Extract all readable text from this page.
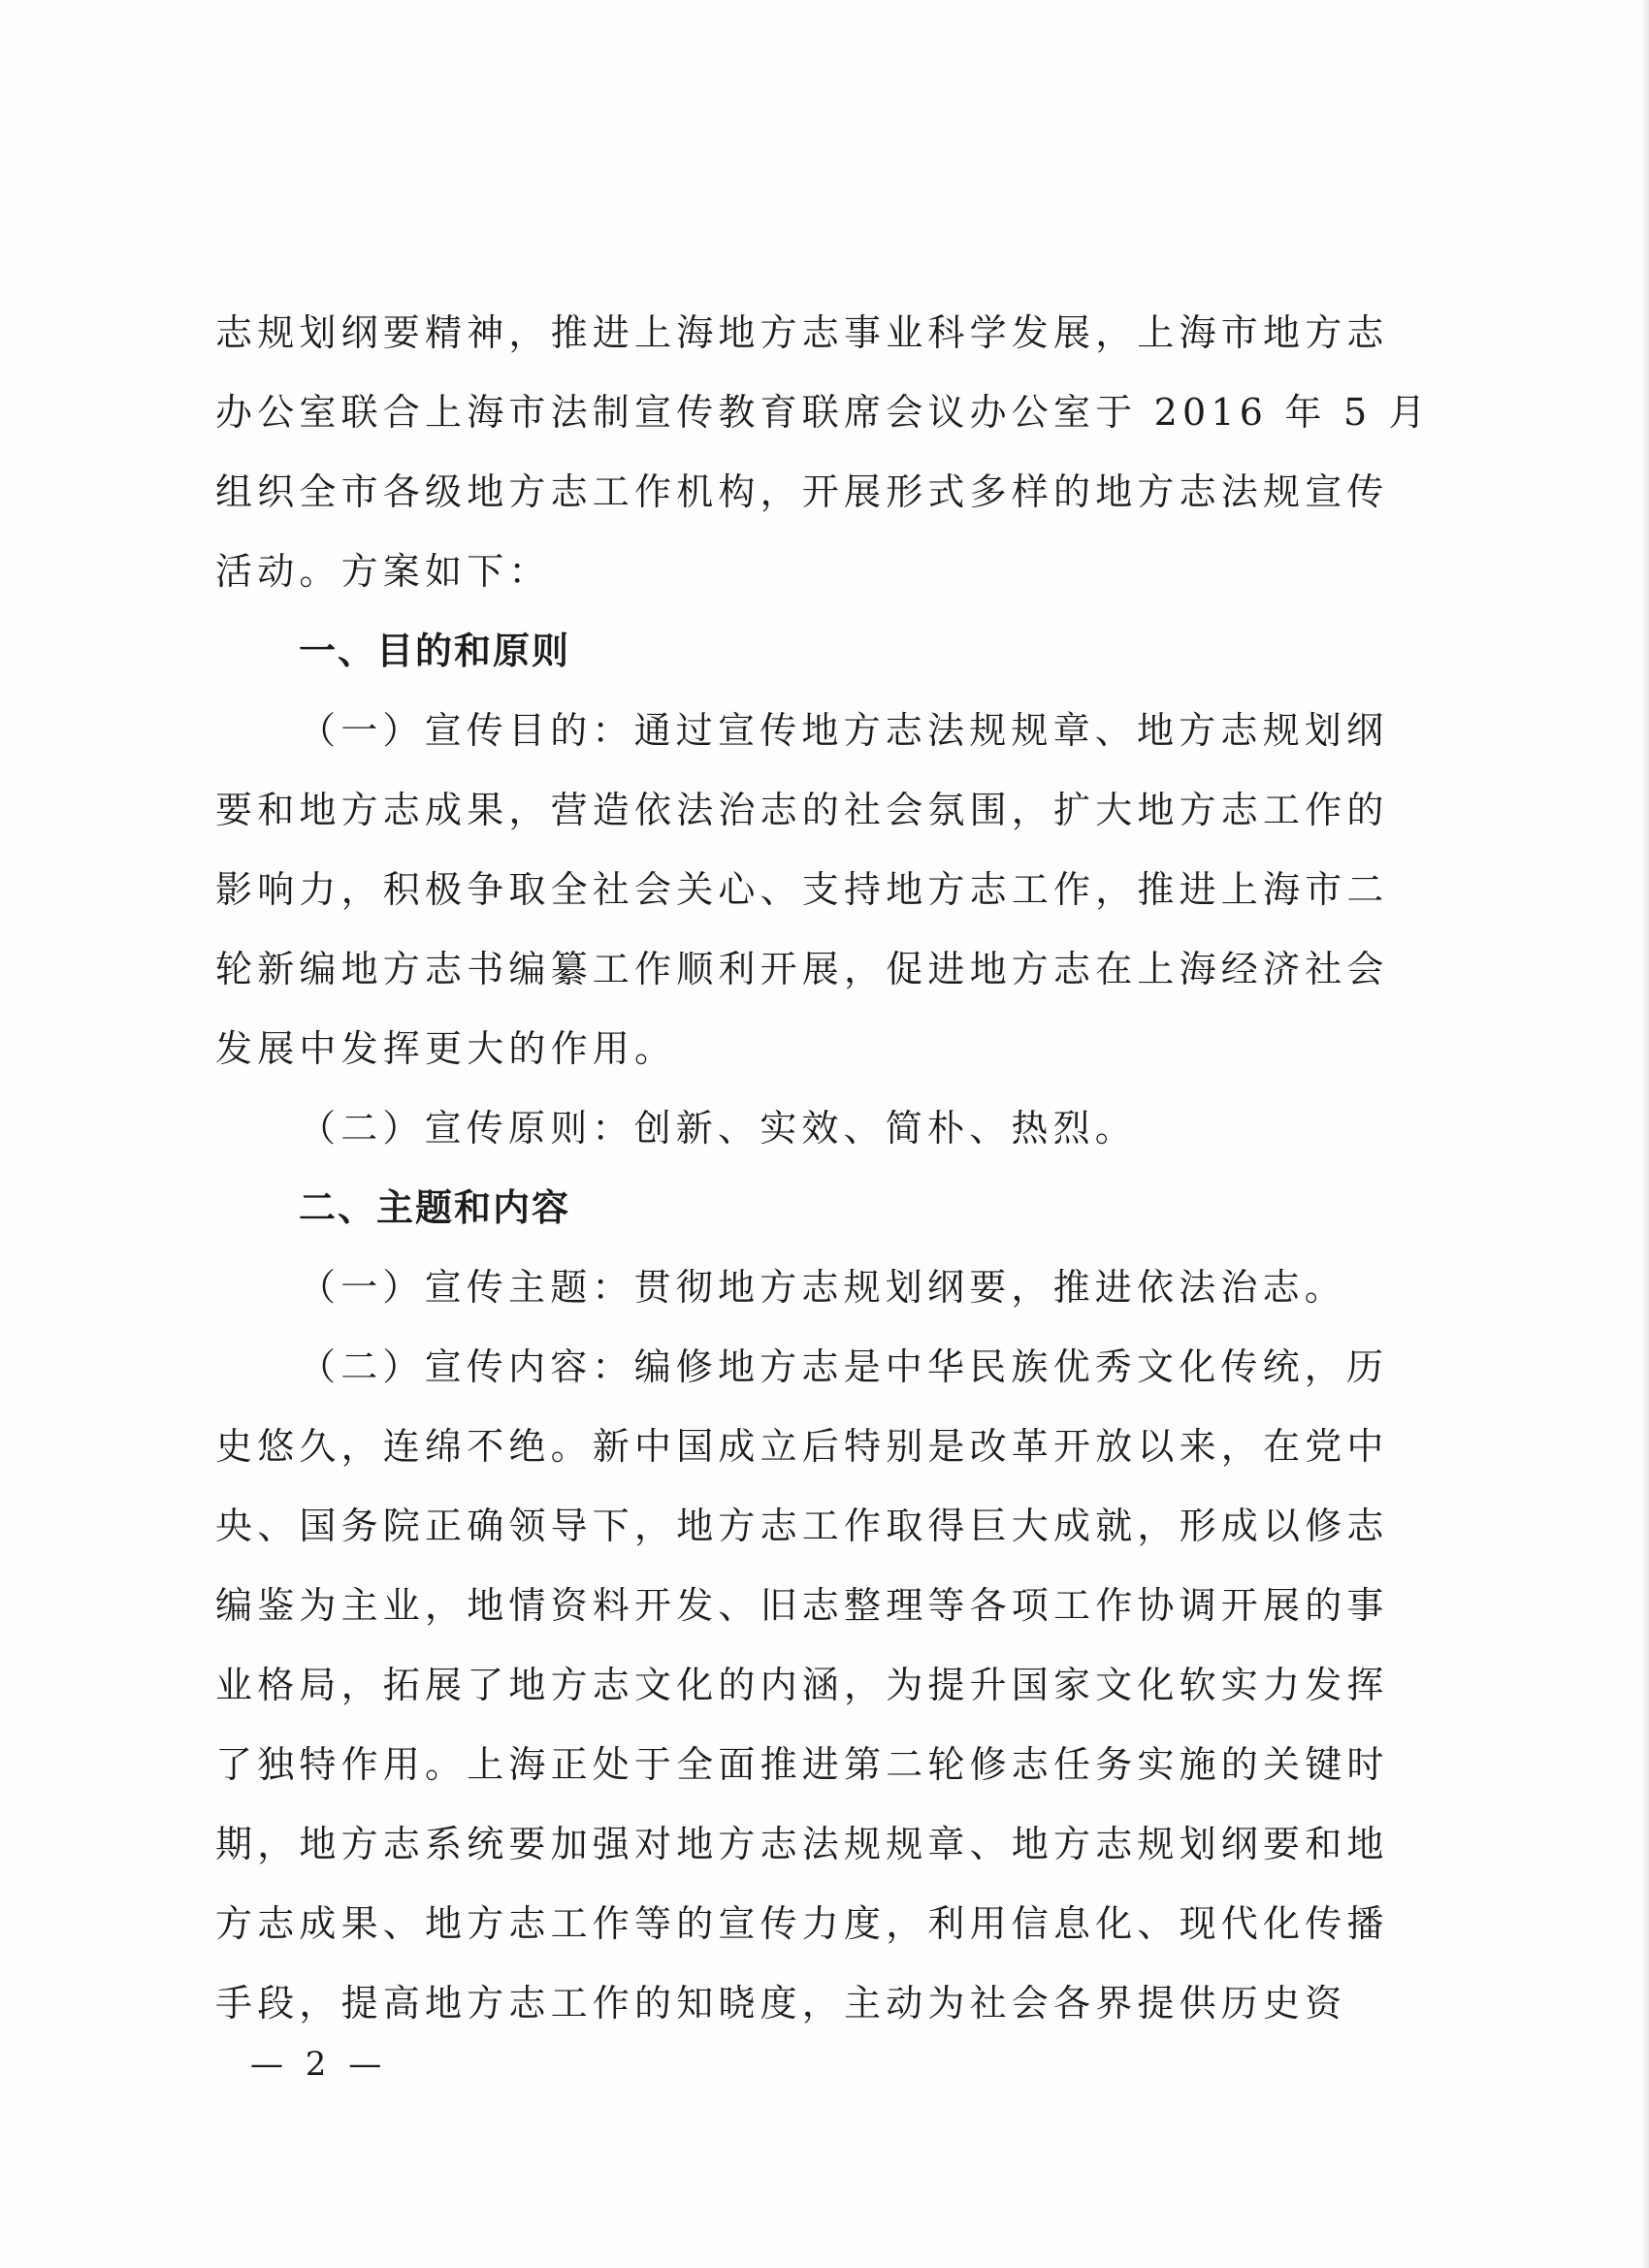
志规划纲要精神，推进上海地方志事业科学发展，上海市地方志
办公室联合上海市法制宣传教育联席会议办公室于 2016 年 5 月
组织全市各级地方志工作机构，开展形式多样的地方志法规宣传
活动。方案如下：
一、目的和原则
（一）宣传目的：通过宣传地方志法规规章、地方志规划纲
要和地方志成果，营造依法治志的社会氛围，扩大地方志工作的
影响力，积极争取全社会关心、支持地方志工作，推进上海市二
轮新编地方志书编纂工作顺利开展，促进地方志在上海经济社会
发展中发挥更大的作用。
（二）宣传原则：创新、实效、简朴、热烈。
二、主题和内容
（一）宣传主题：贯彻地方志规划纲要，推进依法治志。
（二）宣传内容：编修地方志是中华民族优秀文化传统，历
史悠久，连绵不绝。新中国成立后特别是改革开放以来，在党中
央、国务院正确领导下，地方志工作取得巨大成就，形成以修志
编鉴为主业，地情资料开发、旧志整理等各项工作协调开展的事
业格局，拓展了地方志文化的内涵，为提升国家文化软实力发挥
了独特作用。上海正处于全面推进第二轮修志任务实施的关键时
期，地方志系统要加强对地方志法规规章、地方志规划纲要和地
方志成果、地方志工作等的宣传力度，利用信息化、现代化传播
手段，提高地方志工作的知晓度，主动为社会各界提供历史资
— 2 —
